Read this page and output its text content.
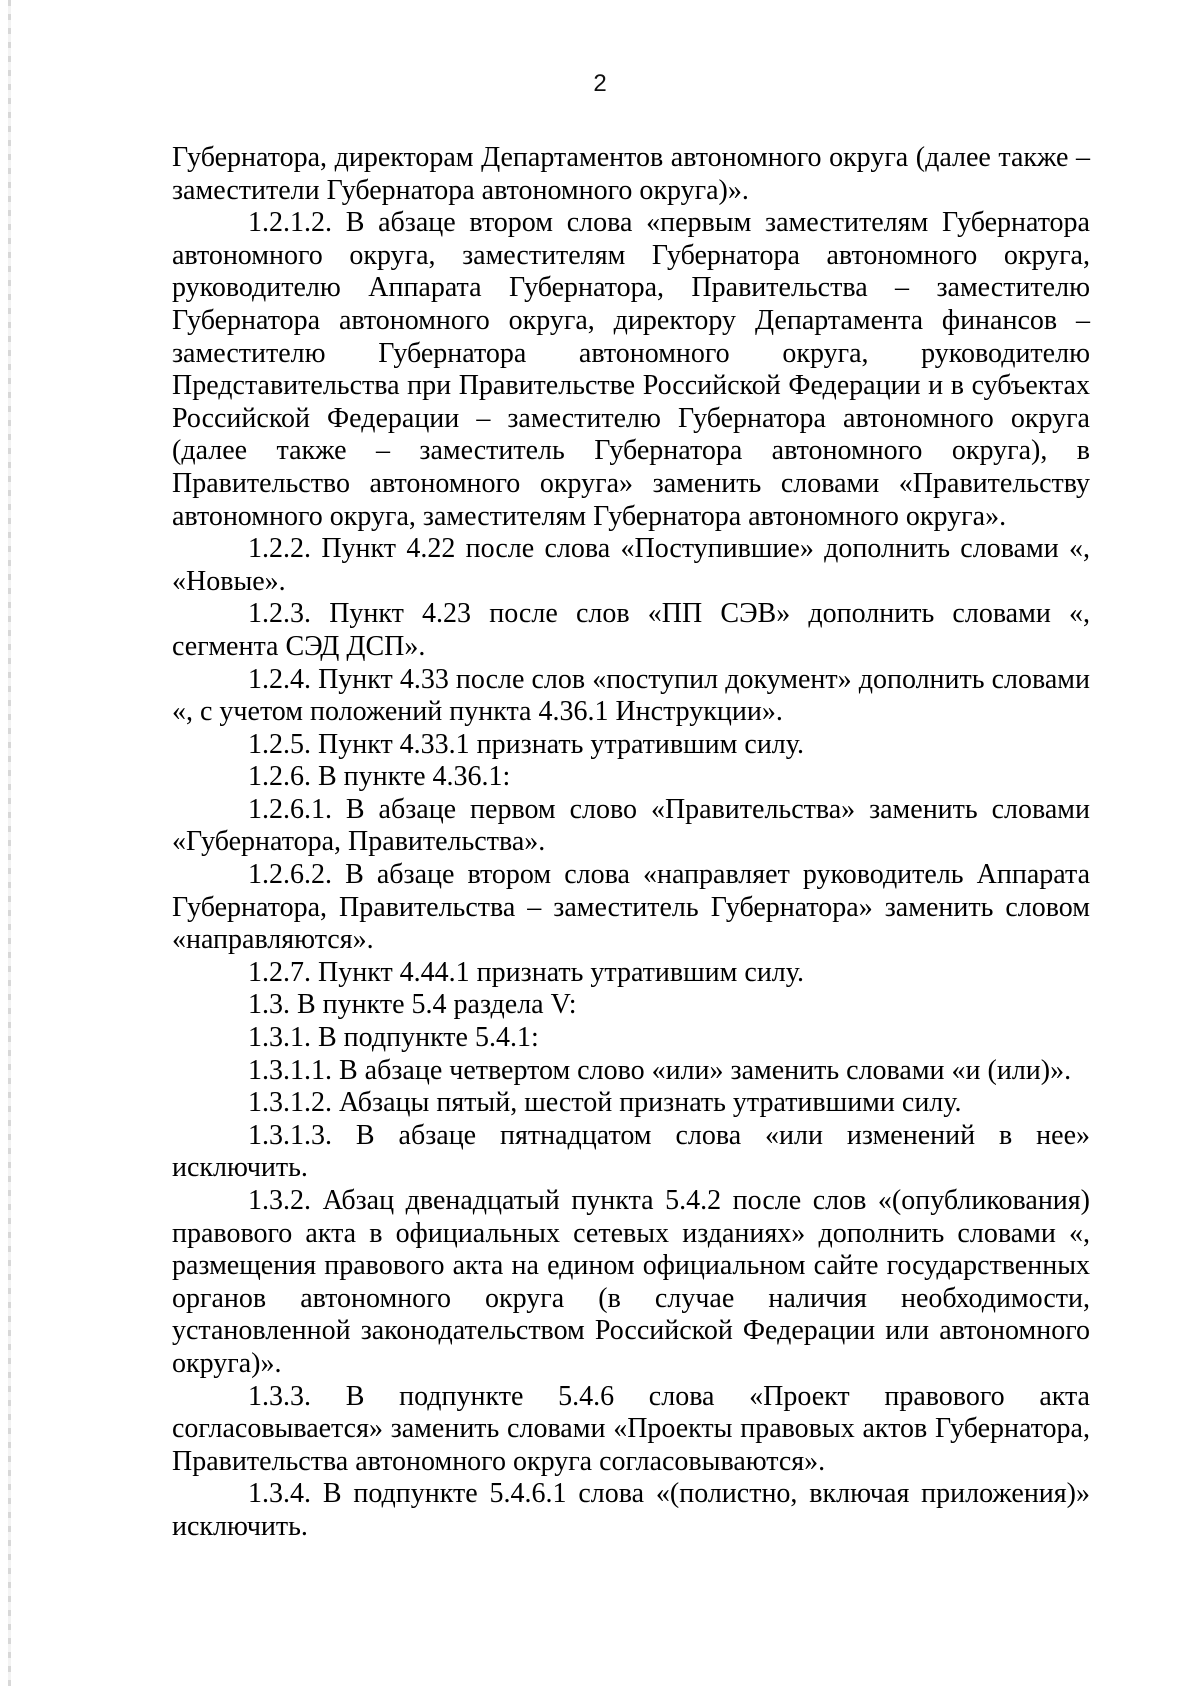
2

Губернатора, директорам Департаментов автономного округа (далее также – заместители Губернатора автономного округа)».

1.2.1.2. В абзаце втором слова «первым заместителям Губернатора автономного округа, заместителям Губернатора автономного округа, руководителю Аппарата Губернатора, Правительства – заместителю Губернатора автономного округа, директору Департамента финансов – заместителю Губернатора автономного округа, руководителю Представительства при Правительстве Российской Федерации и в субъектах Российской Федерации – заместителю Губернатора автономного округа (далее также – заместитель Губернатора автономного округа), в Правительство автономного округа» заменить словами «Правительству автономного округа, заместителям Губернатора автономного округа».

1.2.2. Пункт 4.22 после слова «Поступившие» дополнить словами «, «Новые».

1.2.3. Пункт 4.23 после слов «ПП СЭВ» дополнить словами «, сегмента СЭД ДСП».

1.2.4. Пункт 4.33 после слов «поступил документ» дополнить словами «, с учетом положений пункта 4.36.1 Инструкции».

1.2.5. Пункт 4.33.1 признать утратившим силу.

1.2.6. В пункте 4.36.1:

1.2.6.1. В абзаце первом слово «Правительства» заменить словами «Губернатора, Правительства».

1.2.6.2. В абзаце втором слова «направляет руководитель Аппарата Губернатора, Правительства – заместитель Губернатора» заменить словом «направляются».

1.2.7. Пункт 4.44.1 признать утратившим силу.

1.3. В пункте 5.4 раздела V:

1.3.1. В подпункте 5.4.1:

1.3.1.1. В абзаце четвертом слово «или» заменить словами «и (или)».

1.3.1.2. Абзацы пятый, шестой признать утратившими силу.

1.3.1.3. В абзаце пятнадцатом слова «или изменений в нее» исключить.

1.3.2. Абзац двенадцатый пункта 5.4.2 после слов «(опубликования) правового акта в официальных сетевых изданиях» дополнить словами «, размещения правового акта на едином официальном сайте государственных органов автономного округа (в случае наличия необходимости, установленной законодательством Российской Федерации или автономного округа)».

1.3.3. В подпункте 5.4.6 слова «Проект правового акта согласовывается» заменить словами «Проекты правовых актов Губернатора, Правительства автономного округа согласовываются».

1.3.4. В подпункте 5.4.6.1 слова «(полистно, включая приложения)» исключить.
